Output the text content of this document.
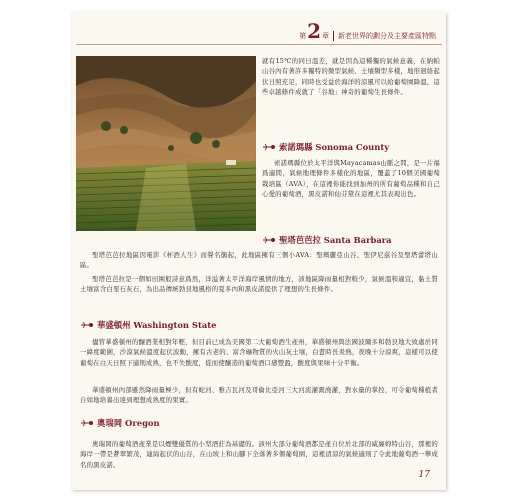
第 2 章	新老世界的劃分及主要產區特點

就有15℃的同日溫差，就是因為這種獨的氣候意義，在納帕山谷內有著許多獨特的微型氣候、土壤類型多樣，地形迥絡起伏日照充足，同時也受益於海洋的涼風可以給葡萄園降溫，這些卓越條件成就了「谷地」神奇的葡萄生長條件。

索諾瑪縣 Sonoma County

索諾瑪縣位於太平洋與Mayacamas山脈之間，是一片福爲適間，氣候地理條件多樣化的地區，覆蓋了10個美國葡萄栽培區（AVA），在這裡你能找到加州的所有葡萄品種和自己心愛的葡萄酒，黑皮諾和仙芬黛在這裡尤其表現出色。

聖塔芭芭拉 Santa Barbara

聖塔芭芭拉地區因電影《杯酒人生》而聲名鵲起，此地區擁有三個小AVA：聖瑪麗亞山谷、聖伊尼茲谷及聖塔蕾塔山區。

聖塔芭芭拉是一個如田園般詩意爲然，洋溢著太平洋海岸風情的地方，該地區降雨量相對較少，氣候溫和適宜，黏土質土壤富含白堊石灰石，為出品傳統勃艮地風格的夏多內和黑皮諾提供了理想的生長條件。

華盛頓州 Washington State

儘管華盛頓州的釀酒業相對年輕，但目前已成為美國第二大葡萄酒生產州，華盛頓州與法國波爾多和勃艮地大致處於同一緯度範圍，沙漠氣候溫度起伏波動，擁有古老的、富含礦物質的火山灰土壤，白晝時長炎熱，夜晚十分涼爽，這樣可以使葡萄在白天日照下適則成熟，也不失酸度，從而使釀造的葡萄酒口感豐盈，酸度與果味十分平衡。

華盛頓州內部雖然降雨量極少，但有蛇河、雅吉瓦河及哥倫比亞河三大河流灌溉澆灌，對水量的掌控，可令葡萄種植者自如地培養出達到理想成熟度的果實。

奧瑞岡 Oregon

奧瑞岡的葡萄酒產業是以煙雙優質的小型酒莊為基礎的。該州大部分葡萄酒都是產自位於北部的威廉姆特山谷，那裡的海岸一帶是蒼翠繁茂，連綿起伏的山谷，在山坡上和山腳下全落著多個葡萄園，這裡清涼的氣候適則了令此地葡萄酒一舉成名的黑皮諾。

17
